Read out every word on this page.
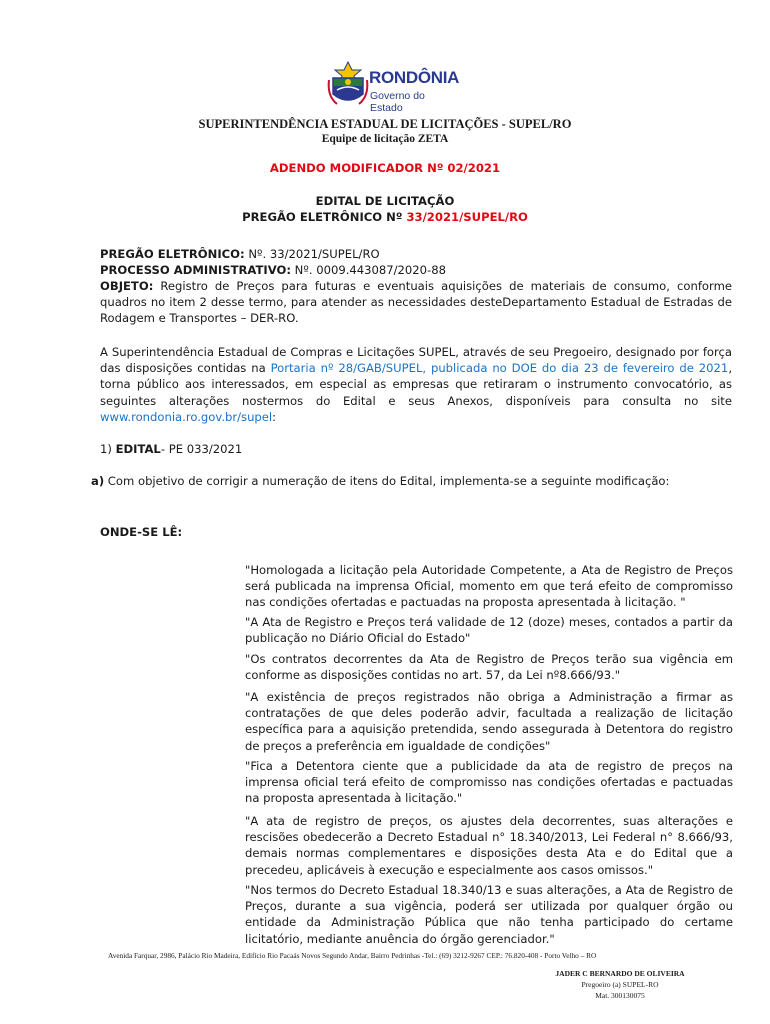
RONDÔNIA
Governo do Estado
SUPERINTENDÊNCIA ESTADUAL DE LICITAÇÕES - SUPEL/RO
Equipe de licitação ZETA
ADENDO MODIFICADOR Nº 02/2021
EDITAL DE LICITAÇÃO
PREGÃO ELETRÔNICO Nº 33/2021/SUPEL/RO
PREGÃO ELETRÔNICO: Nº. 33/2021/SUPEL/RO
PROCESSO ADMINISTRATIVO: Nº. 0009.443087/2020-88
OBJETO: Registro de Preços para futuras e eventuais aquisições de materiais de consumo, conforme quadros no item 2 desse termo, para atender as necessidades desteDepartamento Estadual de Estradas de Rodagem e Transportes – DER-RO.
A Superintendência Estadual de Compras e Licitações SUPEL, através de seu Pregoeiro, designado por força das disposições contidas na Portaria nº 28/GAB/SUPEL, publicada no DOE do dia 23 de fevereiro de 2021, torna público aos interessados, em especial as empresas que retiraram o instrumento convocatório, as seguintes alterações nostermos do Edital e seus Anexos, disponíveis para consulta no site www.rondonia.ro.gov.br/supel:
1) EDITAL- PE 033/2021
a) Com objetivo de corrigir a numeração de itens do Edital, implementa-se a seguinte modificação:
ONDE-SE LÊ:
"Homologada a licitação pela Autoridade Competente, a Ata de Registro de Preços será publicada na imprensa Oficial, momento em que terá efeito de compromisso nas condições ofertadas e pactuadas na proposta apresentada à licitação. "
"A Ata de Registro e Preços terá validade de 12 (doze) meses, contados a partir da publicação no Diário Oficial do Estado"
"Os contratos decorrentes da Ata de Registro de Preços terão sua vigência em conforme as disposições contidas no art. 57, da Lei nº8.666/93."
"A existência de preços registrados não obriga a Administração a firmar as contratações de que deles poderão advir, facultada a realização de licitação específica para a aquisição pretendida, sendo assegurada à Detentora do registro de preços a preferência em igualdade de condições"
"Fica a Detentora ciente que a publicidade da ata de registro de preços na imprensa oficial terá efeito de compromisso nas condições ofertadas e pactuadas na proposta apresentada à licitação."
"A ata de registro de preços, os ajustes dela decorrentes, suas alterações e rescisões obedecerão a Decreto Estadual n° 18.340/2013, Lei Federal n° 8.666/93, demais normas complementares e disposições desta Ata e do Edital que a precedeu, aplicáveis à execução e especialmente aos casos omissos."
"Nos termos do Decreto Estadual 18.340/13 e suas alterações, a Ata de Registro de Preços, durante a sua vigência, poderá ser utilizada por qualquer órgão ou entidade da Administração Pública que não tenha participado do certame licitatório, mediante anuência do órgão gerenciador."
Avenida Farquar, 2986, Palácio Rio Madeira, Edifício Rio Pacaás Novos Segundo Andar, Bairro Pedrinhas -Tel.: (69) 3212-9267 CEP.: 76.820-408 - Porto Velho – RO
JADER C BERNARDO DE OLIVEIRA
Pregoeiro (a) SUPEL-RO
Mat. 300130075
